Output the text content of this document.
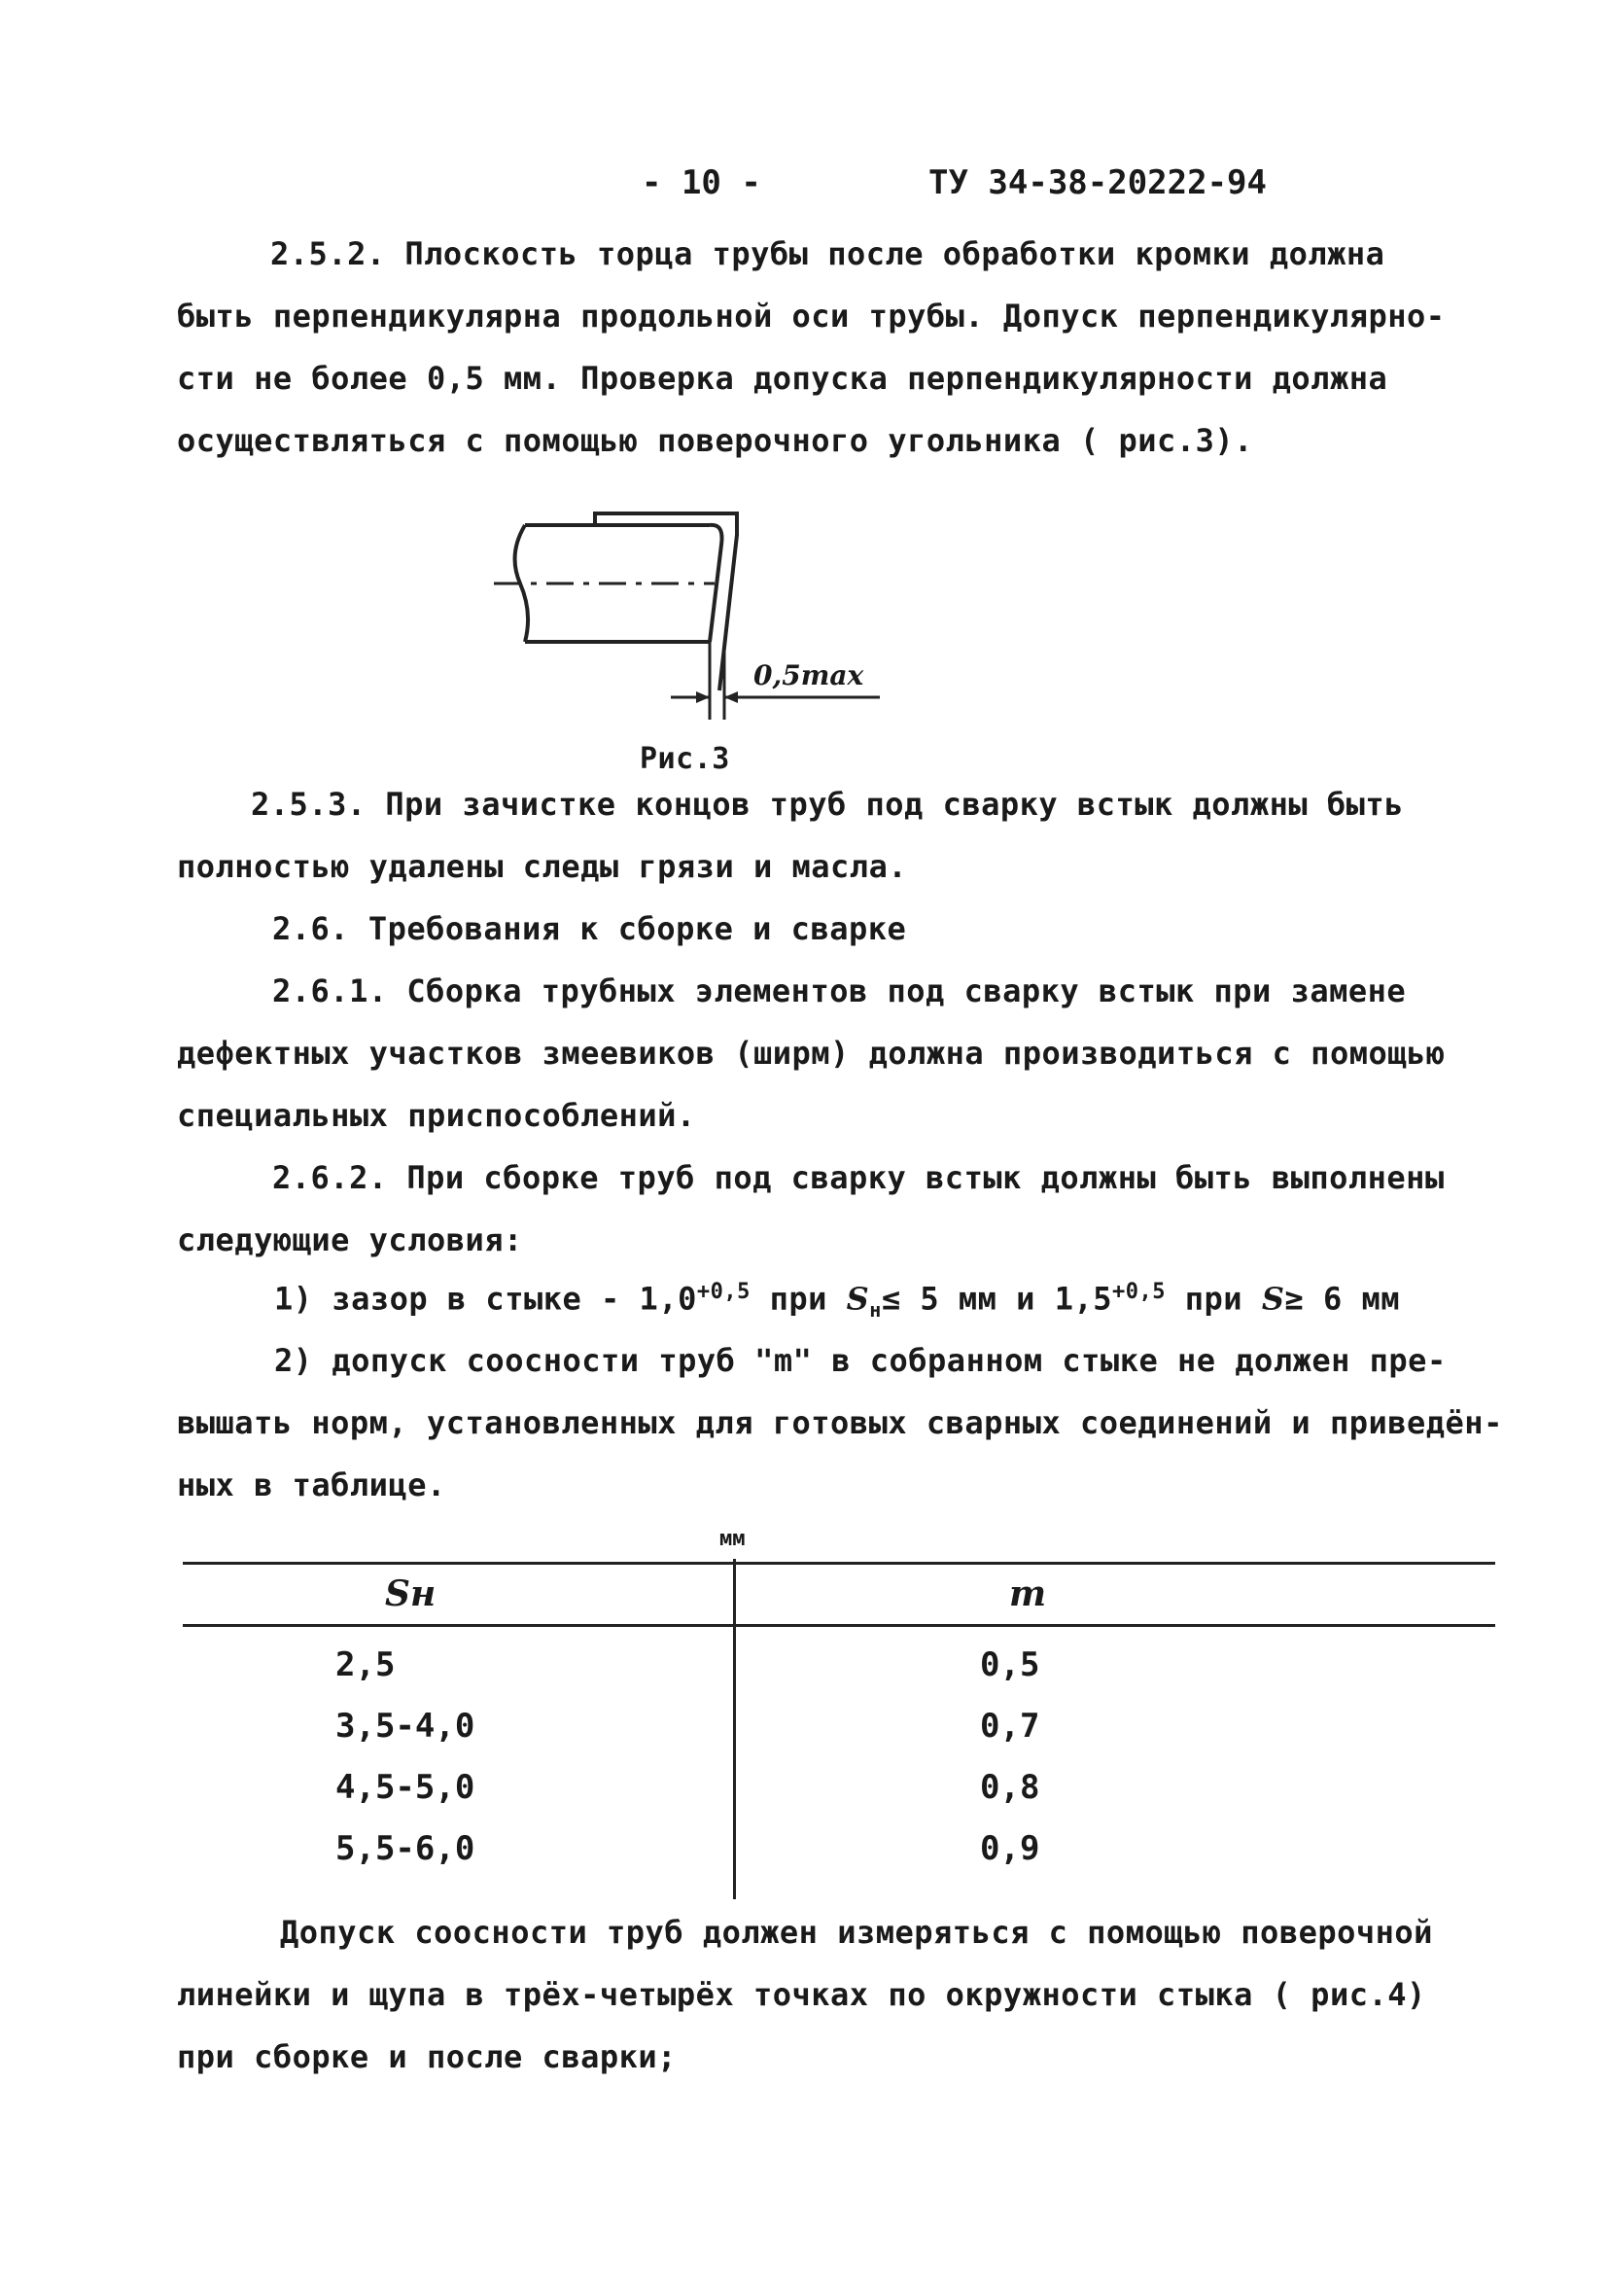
- 10 -	ТУ 34-38-20222-94
2.5.2. Плоскость торца трубы после обработки кромки должна
быть перпендикулярна продольной оси трубы. Допуск перпендикулярно-
сти не более 0,5 мм. Проверка допуска перпендикулярности должна
осуществляться с помощью поверочного угольника ( рис.3).
0,5max
Рис.3
2.5.3. При зачистке концов труб под сварку встык должны быть
полностью удалены следы грязи и масла.
2.6. Требования к сборке и сварке
2.6.1. Сборка трубных элементов под сварку встык при замене
дефектных участков змеевиков (ширм) должна производиться с помощью
специальных приспособлений.
2.6.2. При сборке труб под сварку встык должны быть выполнены
следующие условия:
1) зазор в стыке - $1,0^{+0,5}$ при $S_н\le 5$ мм и $1,5^{+0,5}$ при S≥ 6 мм
2) допуск соосности труб "m" в собранном стыке не должен пре-
вышать норм, установленных для готовых сварных соединений и приведён-
ных в таблице.
мм
Sн	m
2,5	0,5
3,5-4,0	0,7
4,5-5,0	0,8
5,5-6,0	0,9
Допуск соосности труб должен измеряться с помощью поверочной
линейки и щупа в трёх-четырёх точках по окружности стыка ( рис.4)
при сборке и после сварки;
